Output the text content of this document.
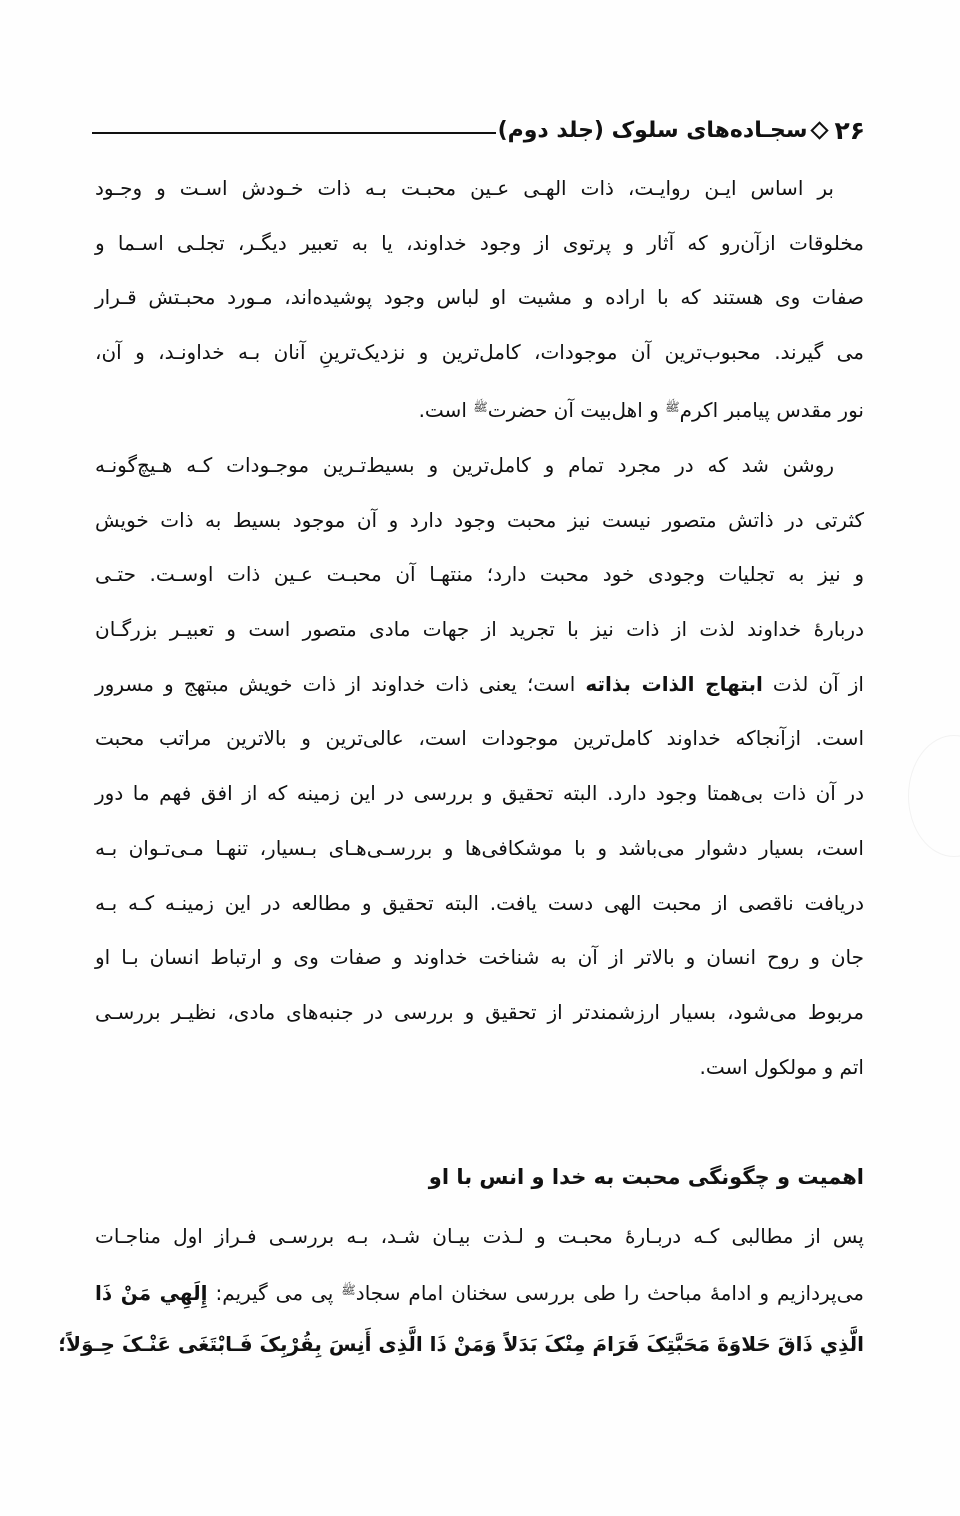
۲۶
سجـاده‌های سلوک (جلد دوم)
بر اساس ایـن روایـت، ذات الهـی عـین محبـت بـه ذات خـودش اسـت و وجـود
مخلوقات ازآن‌رو که آثار و پرتوی از وجود خداوند، یا به تعبیر دیگـر، تجلـی اسـما و
صفات وی هستند که با اراده و مشیت او لباس وجود پوشیده‌اند، مـورد محبـتش قـرار
می گیرند. محبوب‌ترین آن موجودات، کامل‌ترین و نزدیک‌ترینِ آنان بـه خداونـد، و آن،
نور مقدس پیامبر اکرم$^ﷺ$ و اهل‌بیت آن حضرت$^ﷺ$ است.
روشن شد که در مجرد تمام و کامل‌ترین و بسیط‌تـرین موجـودات کـه هـیچ‌گونـه
کثرتی در ذاتش متصور نیست نیز محبت وجود دارد و آن موجود بسیط به ذات خویش
و نیز به تجلیات وجودی خود محبت دارد؛ منتهـا آن محبـت عـین ذات اوسـت. حتـی
دربارۀ خداوند لذت از ذات نیز با تجرید از جهات مادی متصور است و تعبیـر بزرگـان
از آن لذت ابتهاج الذات بذاته است؛ یعنی ذات خداوند از ذات خویش مبتهج و مسرور
است. ازآنجاکه خداوند کامل‌ترین موجودات است، عالی‌ترین و بالاترین مراتب محبت
در آن ذات بی‌همتا وجود دارد. البته تحقیق و بررسی در این زمینه که از افق فهم ما دور
است، بسیار دشوار می‌باشد و با موشکافی‌ها و بررسـی‌هـای بـسیار، تنهـا مـی‌تـوان بـه
دریافت ناقصی از محبت الهی دست یافت. البته تحقیق و مطالعه در این زمینـه کـه بـه
جان و روح انسان و بالاتر از آن به شناخت خداوند و صفات وی و ارتباط انسان بـا او
مربوط می‌شود، بسیار ارزشمندتر از تحقیق و بررسی در جنبه‌های مادی، نظیـر بررسـی
اتم و مولکول است.
اهمیت و چگونگی محبت به خدا و انس با او
پس از مطالبی کـه دربـارۀ محبـت و لـذت بیـان شـد، بـه بررسـی فـراز اول مناجـات
می‌پردازیم و ادامۀ مباحث را طی بررسی سخنان امام سجاد$^ﷺ$ پی می گیریم: إِلَهِي مَنْ ذَا
الَّذِي ذَاقَ حَلاوَةَ مَحَبَّتِکَ فَرَامَ مِنْکَ بَدَلاً وَمَنْ ذَا الَّذِی أَنِسَ بِقُرْبِکَ فَـابْتَغَی عَنْـکَ حِـوَلاً؛
